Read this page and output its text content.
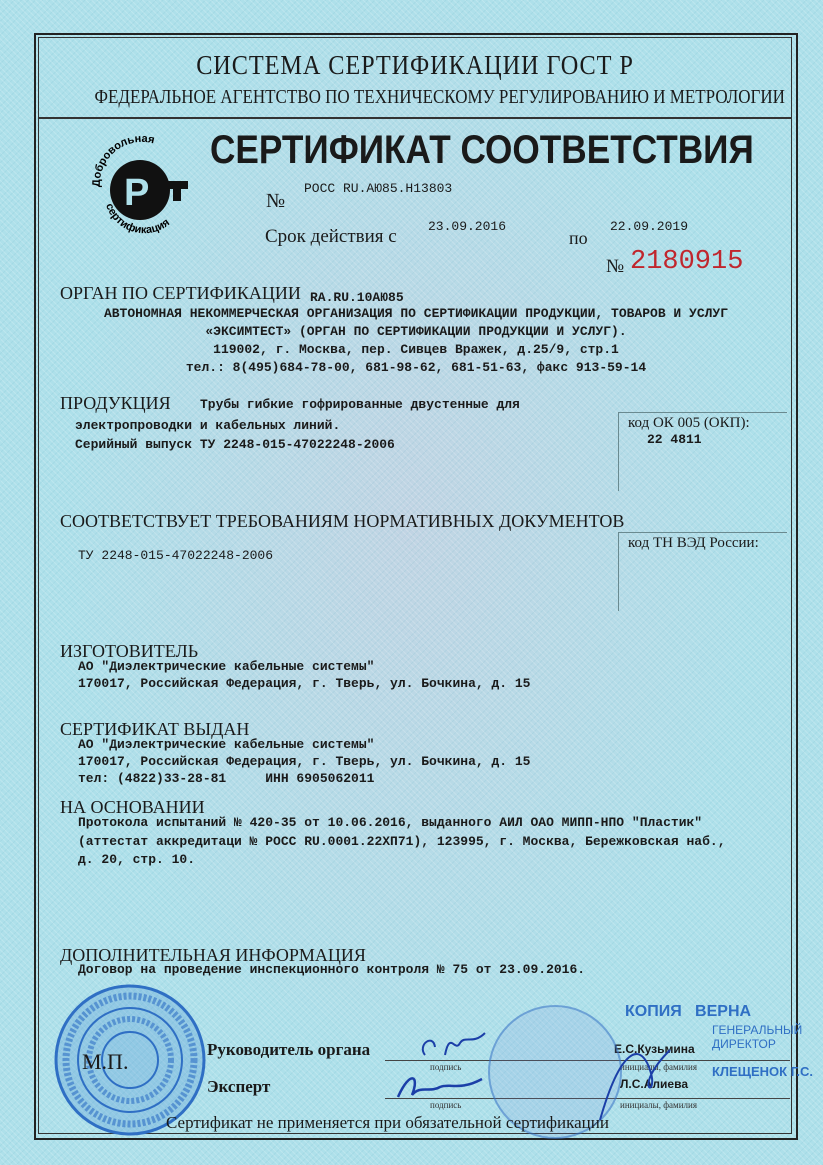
СИСТЕМА СЕРТИФИКАЦИИ ГОСТ Р
ФЕДЕРАЛЬНОЕ АГЕНТСТВО ПО ТЕХНИЧЕСКОМУ РЕГУЛИРОВАНИЮ И МЕТРОЛОГИИ
Добровольная
P
сертификация
СЕРТИФИКАТ СООТВЕТСТВИЯ
№
РОСС RU.АЮ85.Н13803
Срок действия с 23.09.2016
по
22.09.2019
№ 2180915
ОРГАН ПО СЕРТИФИКАЦИИ RA.RU.10АЮ85
АВТОНОМНАЯ НЕКОММЕРЧЕСКАЯ ОРГАНИЗАЦИЯ ПО СЕРТИФИКАЦИИ ПРОДУКЦИИ, ТОВАРОВ И УСЛУГ
«ЭКСИМТЕСТ» (ОРГАН ПО СЕРТИФИКАЦИИ ПРОДУКЦИИ И УСЛУГ).
119002, г. Москва, пер. Сивцев Вражек, д.25/9, стр.1
тел.: 8(495)684-78-00, 681-98-62, 681-51-63, факс 913-59-14
ПРОДУКЦИЯ Трубы гибкие гофрированные двустенные для
электропроводки и кабельных линий.
Серийный выпуск ТУ 2248-015-47022248-2006
код ОК 005 (ОКП):
22 4811
СООТВЕТСТВУЕТ ТРЕБОВАНИЯМ НОРМАТИВНЫХ ДОКУМЕНТОВ
ТУ 2248-015-47022248-2006
код ТН ВЭД России:
ИЗГОТОВИТЕЛЬ
АО "Диэлектрические кабельные системы"
170017, Российская Федерация, г. Тверь, ул. Бочкина, д. 15
СЕРТИФИКАТ ВЫДАН
АО "Диэлектрические кабельные системы"
170017, Российская Федерация, г. Тверь, ул. Бочкина, д. 15
тел: (4822)33-28-81     ИНН 6905062011
НА ОСНОВАНИИ
Протокола испытаний № 420-35 от 10.06.2016, выданного АИЛ ОАО МИПП-НПО "Пластик"
(аттестат аккредитаци № РОСС RU.0001.22ХП71), 123995, г. Москва, Бережковская наб.,
д. 20, стр. 10.
ДОПОЛНИТЕЛЬНАЯ ИНФОРМАЦИЯ
Договор на проведение инспекционного контроля № 75 от 23.09.2016.
М.П.	Руководитель органа
подпись	инициалы, фамилия
Е.С.Кузьмина
Эксперт
подпись	инициалы, фамилия
Л.С.Алиева
КОПИЯ   ВЕРНА
ГЕНЕРАЛЬНЫЙ ДИРЕКТОР
КЛЕЩЕНОК Г.С.
Сертификат не применяется при обязательной сертификации
